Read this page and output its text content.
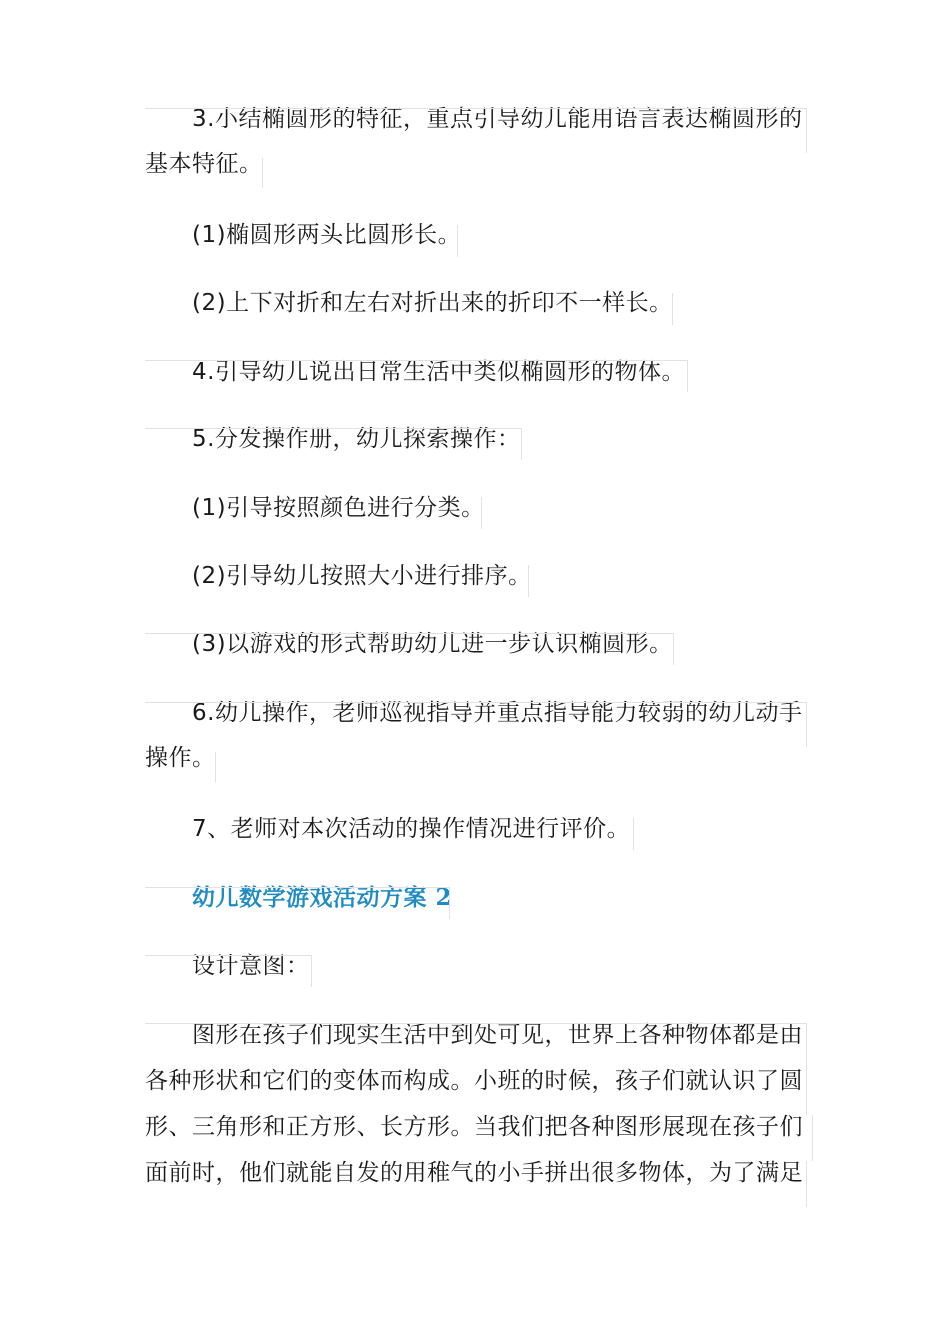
3.小结椭圆形的特征，重点引导幼儿能用语言表达椭圆形的
基本特征。
(1)椭圆形两头比圆形长。
(2)上下对折和左右对折出来的折印不一样长。
4.引导幼儿说出日常生活中类似椭圆形的物体。
5.分发操作册，幼儿探索操作：
(1)引导按照颜色进行分类。
(2)引导幼儿按照大小进行排序。
(3)以游戏的形式帮助幼儿进一步认识椭圆形。
6.幼儿操作，老师巡视指导并重点指导能力较弱的幼儿动手
操作。
7、老师对本次活动的操作情况进行评价。
幼儿数学游戏活动方案 2
设计意图：
图形在孩子们现实生活中到处可见，世界上各种物体都是由
各种形状和它们的变体而构成。小班的时候，孩子们就认识了圆
形、三角形和正方形、长方形。当我们把各种图形展现在孩子们
面前时，他们就能自发的用稚气的小手拼出很多物体，为了满足
